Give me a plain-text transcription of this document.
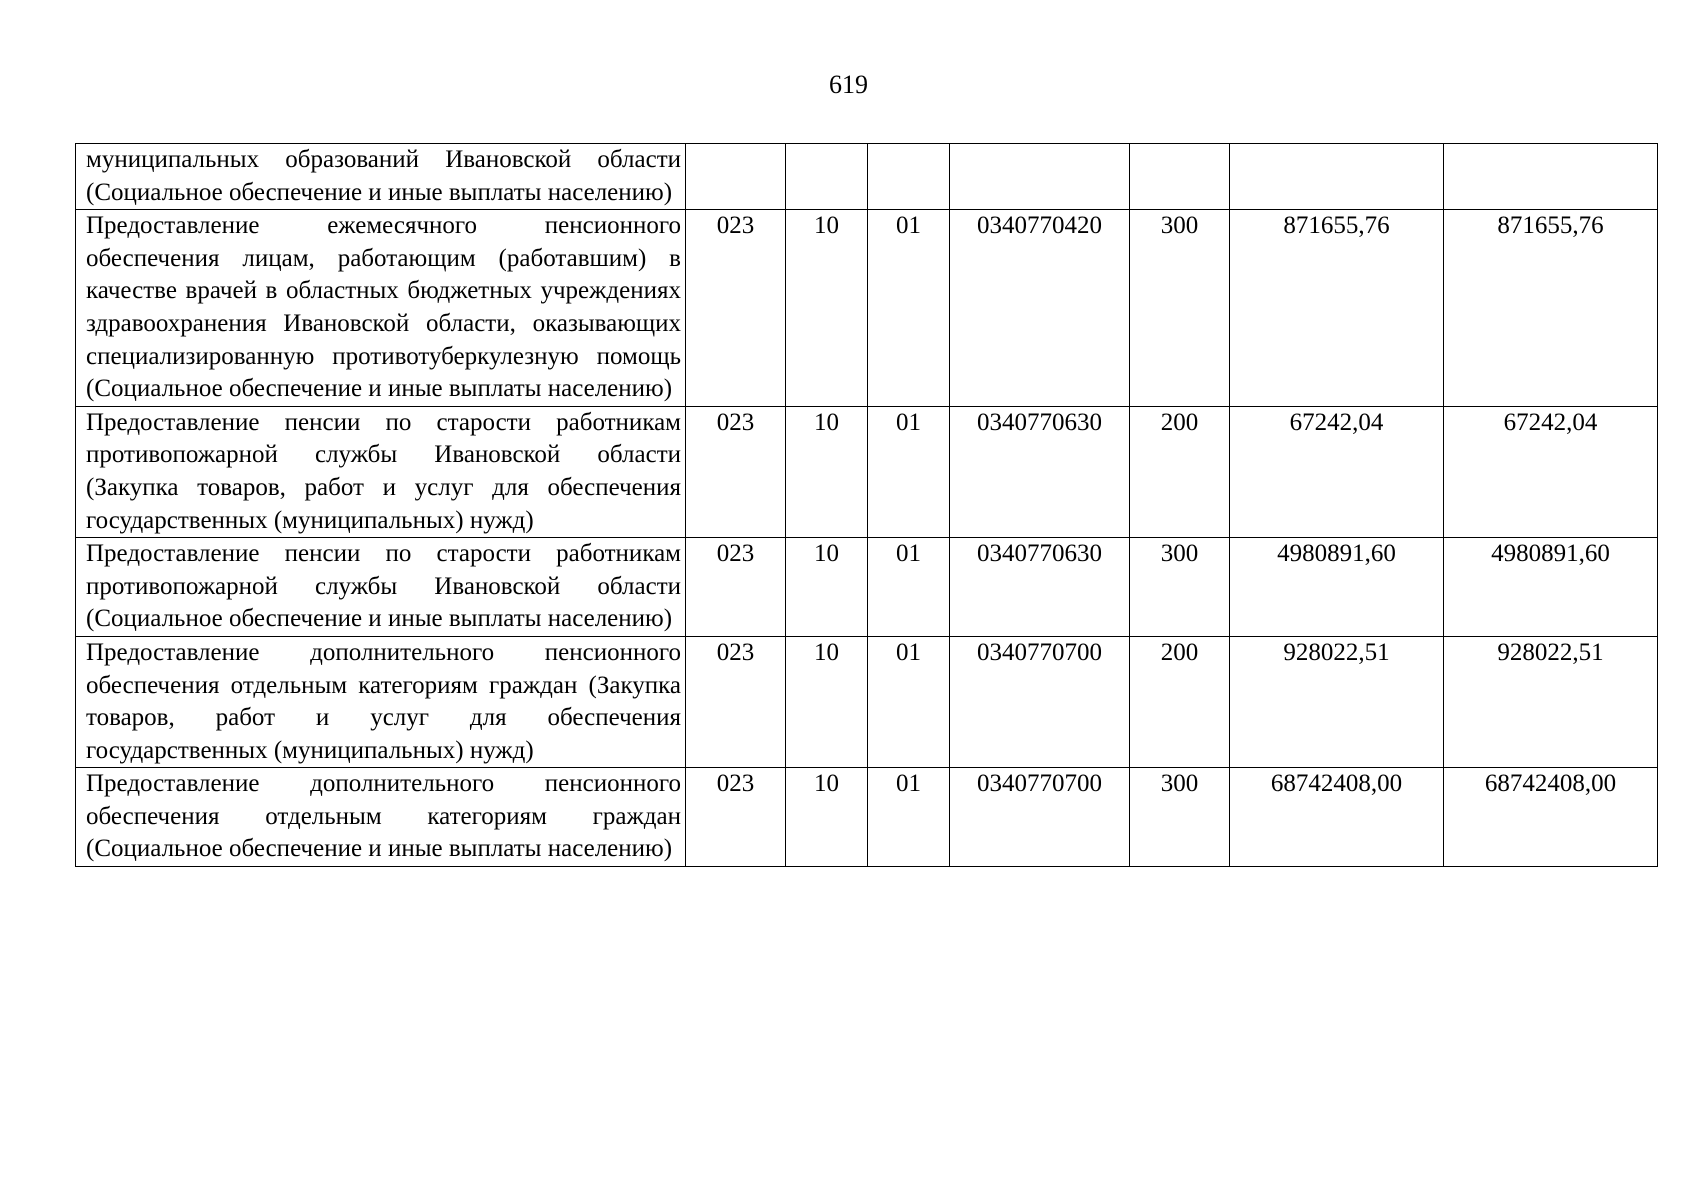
619
муниципальных образований Ивановской области (Социальное обеспечение и иные выплаты населению)							
Предоставление ежемесячного пенсионного обеспечения лицам, работающим (работавшим) в качестве врачей в областных бюджетных учреждениях здравоохранения Ивановской области, оказывающих специализированную противотуберкулезную помощь (Социальное обеспечение и иные выплаты населению)	023	10	01	0340770420	300	871655,76	871655,76
Предоставление пенсии по старости работникам противопожарной службы Ивановской области (Закупка товаров, работ и услуг для обеспечения государственных (муниципальных) нужд)	023	10	01	0340770630	200	67242,04	67242,04
Предоставление пенсии по старости работникам противопожарной службы Ивановской области (Социальное обеспечение и иные выплаты населению)	023	10	01	0340770630	300	4980891,60	4980891,60
Предоставление дополнительного пенсионного обеспечения отдельным категориям граждан (Закупка товаров, работ и услуг для обеспечения государственных (муниципальных) нужд)	023	10	01	0340770700	200	928022,51	928022,51
Предоставление дополнительного пенсионного обеспечения отдельным категориям граждан (Социальное обеспечение и иные выплаты населению)	023	10	01	0340770700	300	68742408,00	68742408,00
